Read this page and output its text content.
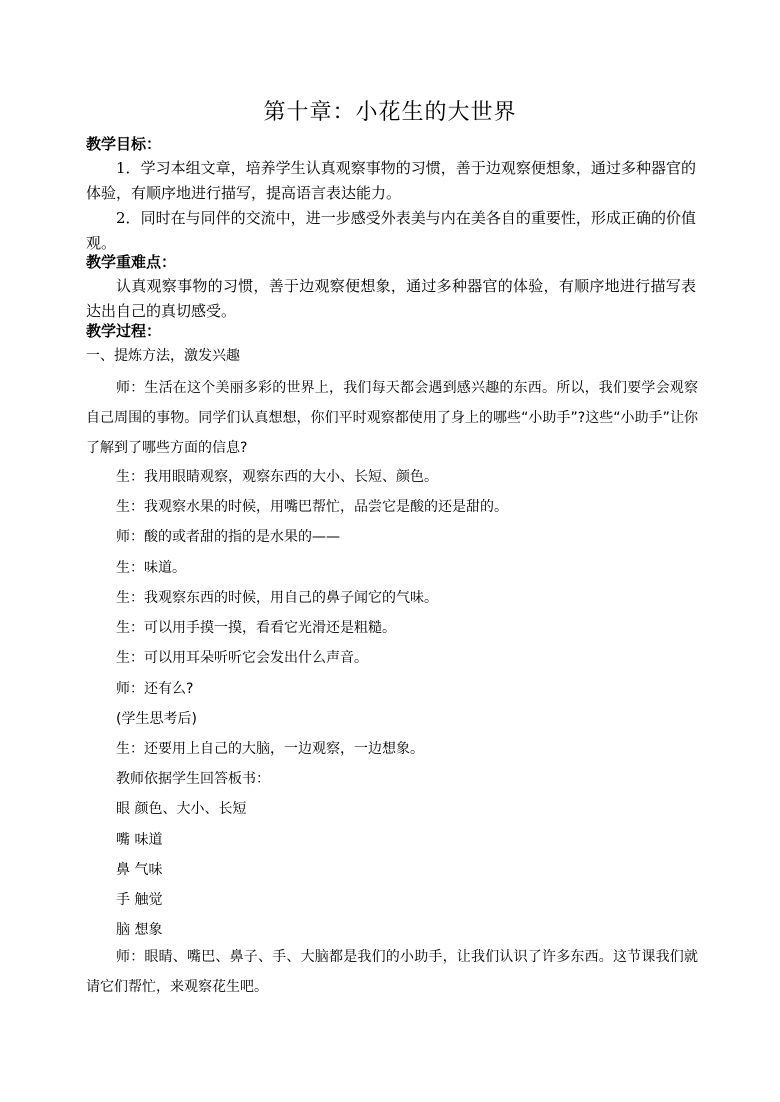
第十章：小花生的大世界
教学目标：
1．学习本组文章，培养学生认真观察事物的习惯，善于边观察便想象，通过多种器官的体验，有顺序地进行描写，提高语言表达能力。
2．同时在与同伴的交流中，进一步感受外表美与内在美各自的重要性，形成正确的价值观。
教学重难点：
认真观察事物的习惯，善于边观察便想象，通过多种器官的体验，有顺序地进行描写表达出自己的真切感受。
教学过程：
一、提炼方法，激发兴趣
师：生活在这个美丽多彩的世界上，我们每天都会遇到感兴趣的东西。所以，我们要学会观察自己周围的事物。同学们认真想想，你们平时观察都使用了身上的哪些“小助手”?这些“小助手”让你了解到了哪些方面的信息?
生：我用眼睛观察，观察东西的大小、长短、颜色。
生：我观察水果的时候，用嘴巴帮忙，品尝它是酸的还是甜的。
师：酸的或者甜的指的是水果的——
生：味道。
生：我观察东西的时候，用自己的鼻子闻它的气味。
生：可以用手摸一摸，看看它光滑还是粗糙。
生：可以用耳朵听听它会发出什么声音。
师：还有么?
(学生思考后)
生：还要用上自己的大脑，一边观察，一边想象。
教师依据学生回答板书：
眼 颜色、大小、长短
嘴 味道
鼻 气味
手 触觉
脑 想象
师：眼睛、嘴巴、鼻子、手、大脑都是我们的小助手，让我们认识了许多东西。这节课我们就请它们帮忙，来观察花生吧。
